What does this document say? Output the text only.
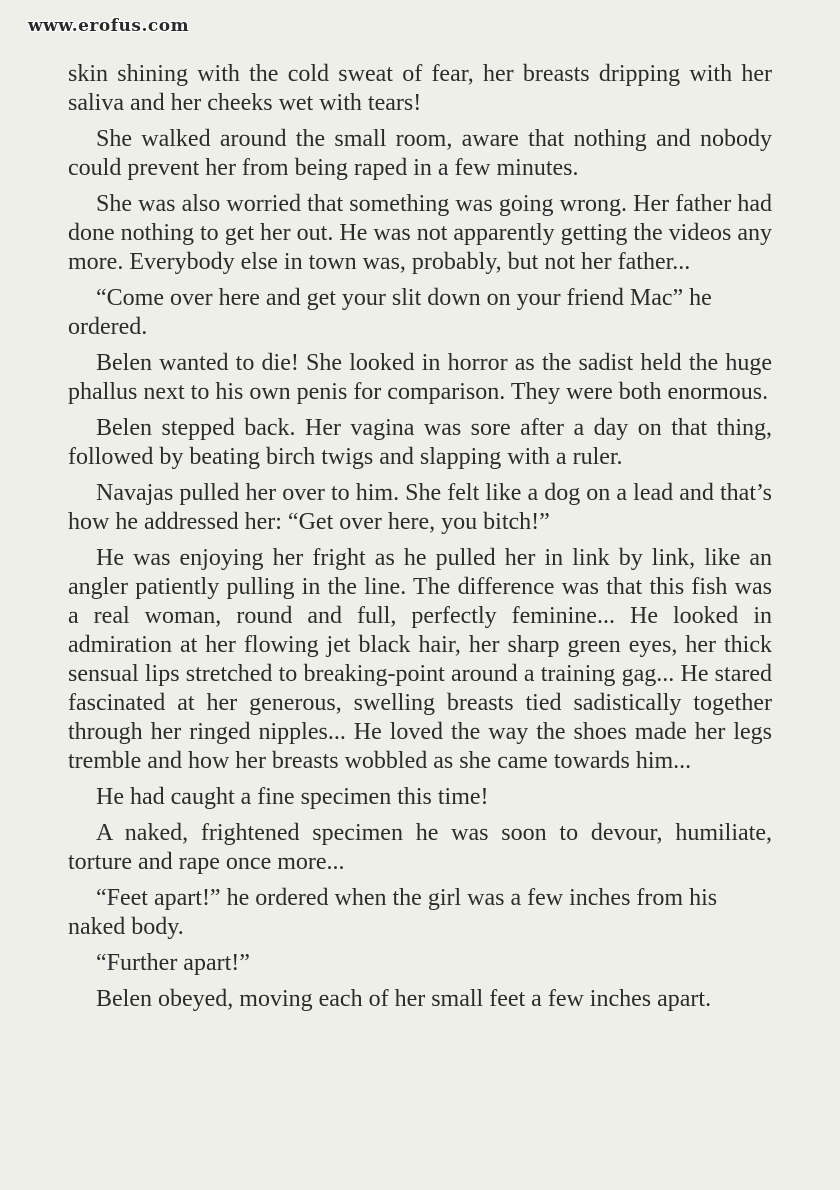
www.erofus.com

skin shining with the cold sweat of fear, her breasts dripping with her saliva and her cheeks wet with tears!

She walked around the small room, aware that nothing and nobody could prevent her from being raped in a few minutes.

She was also worried that something was going wrong. Her father had done nothing to get her out. He was not apparently getting the videos any more. Everybody else in town was, probably, but not her father...

“Come over here and get your slit down on your friend Mac” he ordered.

Belen wanted to die! She looked in horror as the sadist held the huge phallus next to his own penis for comparison. They were both enormous.

Belen stepped back. Her vagina was sore after a day on that thing, followed by beating birch twigs and slapping with a ruler.

Navajas pulled her over to him. She felt like a dog on a lead and that’s how he addressed her: “Get over here, you bitch!”

He was enjoying her fright as he pulled her in link by link, like an angler patiently pulling in the line. The difference was that this fish was a real woman, round and full, perfectly feminine... He looked in admiration at her flowing jet black hair, her sharp green eyes, her thick sensual lips stretched to breaking-point around a training gag... He stared fascinated at her generous, swelling breasts tied sadistically together through her ringed nipples... He loved the way the shoes made her legs tremble and how her breasts wobbled as she came towards him...

He had caught a fine specimen this time!

A naked, frightened specimen he was soon to devour, humiliate, torture and rape once more...

“Feet apart!” he ordered when the girl was a few inches from his naked body.

“Further apart!”

Belen obeyed, moving each of her small feet a few inches apart.
